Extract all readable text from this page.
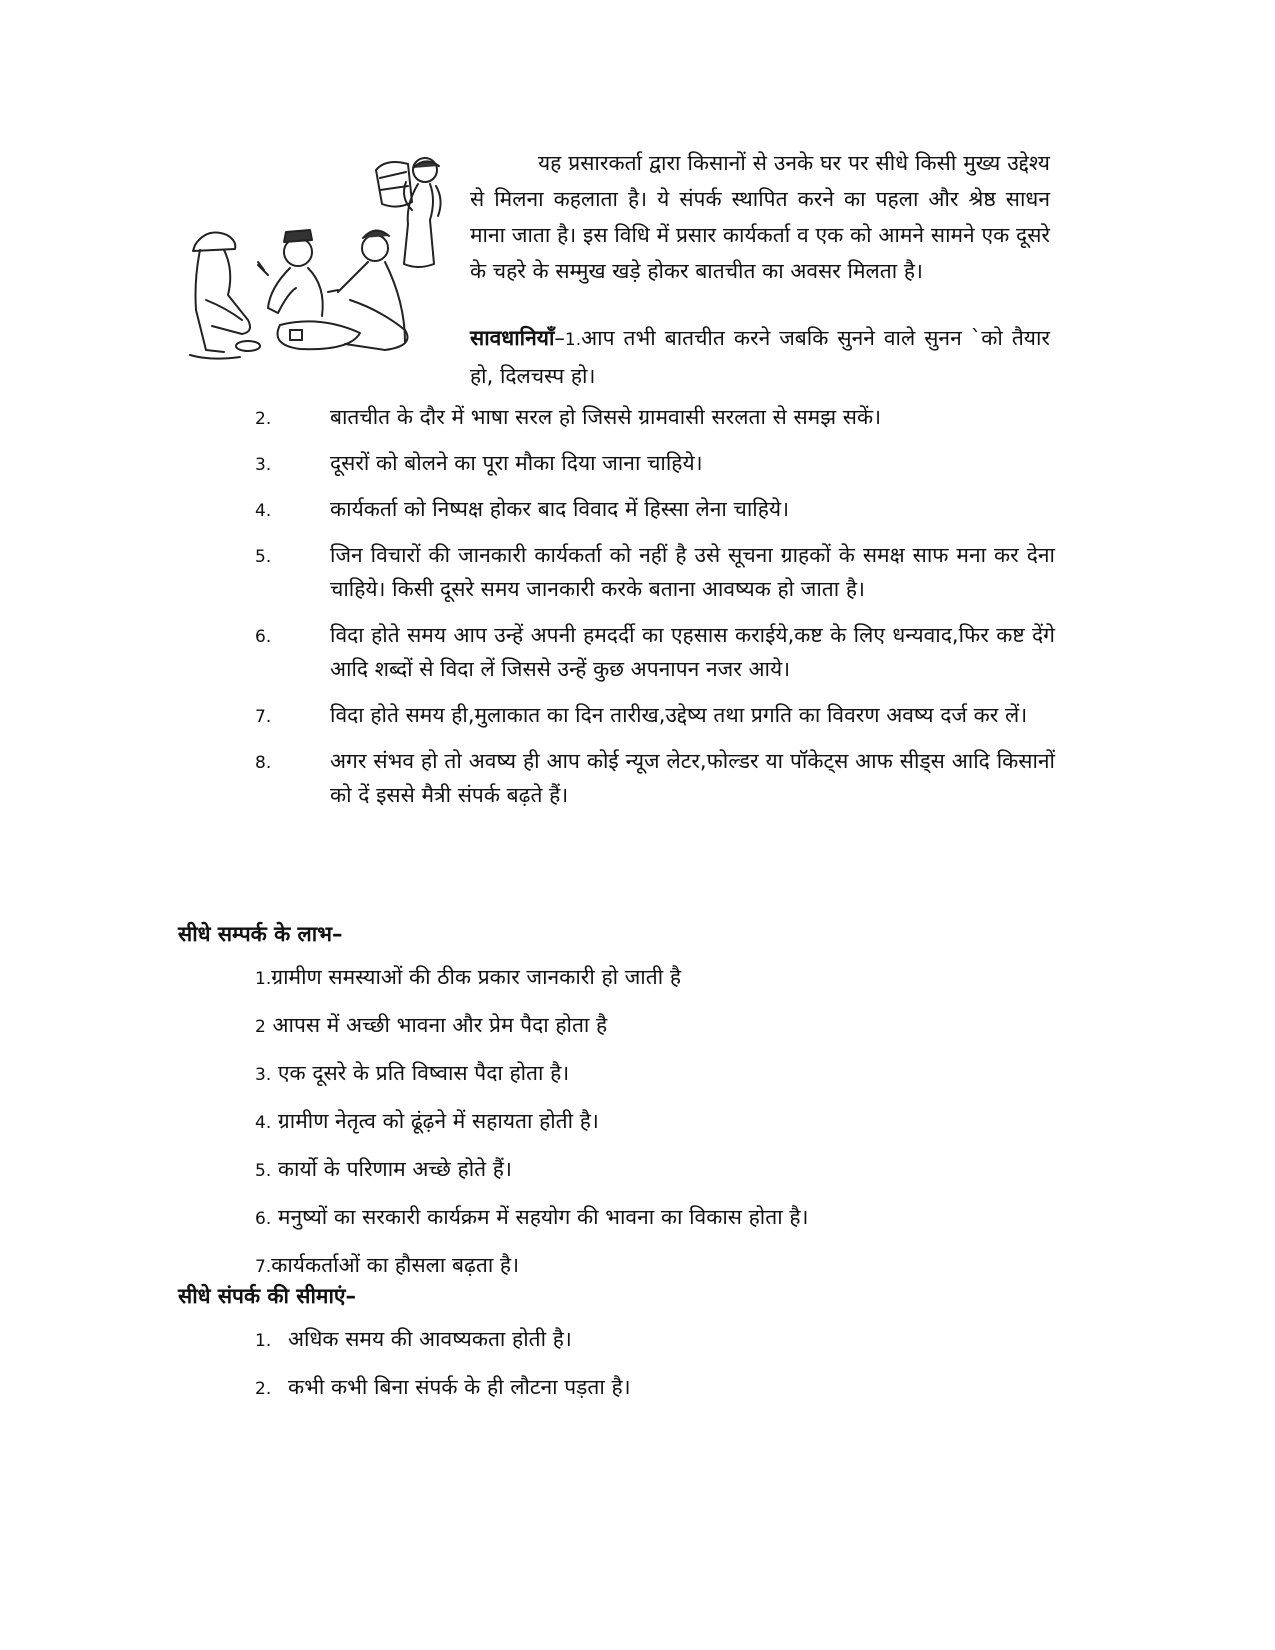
यह प्रसारकर्ता द्वारा किसानों से उनके घर पर सीधे किसी मुख्य उद्देश्य से मिलना कहलाता है। ये संपर्क स्थापित करने का पहला और श्रेष्ठ साधन माना जाता है। इस विधि में प्रसार कार्यकर्ता व एक को आमने सामने एक दूसरे के चहरे के सम्मुख खड़े होकर बातचीत का अवसर मिलता है।
सावधानियाँ–1.आप तभी बातचीत करने जबकि सुनने वाले सुनन `को तैयार हो, दिलचस्प हो।
2.	बातचीत के दौर में भाषा सरल हो जिससे ग्रामवासी सरलता से समझ सकें।
3.	दूसरों को बोलने का पूरा मौका दिया जाना चाहिये।
4.	कार्यकर्ता को निष्पक्ष होकर बाद विवाद में हिस्सा लेना चाहिये।
5.	जिन विचारों की जानकारी कार्यकर्ता को नहीं है उसे सूचना ग्राहकों के समक्ष साफ मना कर देना चाहिये। किसी दूसरे समय जानकारी करके बताना आवष्यक हो जाता है।
6.	विदा होते समय आप उन्हें अपनी हमदर्दी का एहसास कराईये,कष्ट के लिए धन्यवाद,फिर कष्ट देंगे आदि शब्दों से विदा लें जिससे उन्हें कुछ अपनापन नजर आये।
7.	विदा होते समय ही,मुलाकात का दिन तारीख,उद्देष्य तथा प्रगति का विवरण अवष्य दर्ज कर लें।
8.	अगर संभव हो तो अवष्य ही आप कोई न्यूज लेटर,फोल्डर या पॉकेट्स आफ सीड्स आदि किसानों को दें इससे मैत्री संपर्क बढ़ते हैं।
सीधे सम्पर्क के लाभ–
1.ग्रामीण समस्याओं की ठीक प्रकार जानकारी हो जाती है
2 आपस में अच्छी भावना और प्रेम पैदा होता है
3. एक दूसरे के प्रति विष्वास पैदा होता है।
4. ग्रामीण नेतृत्व को ढूंढ़ने में सहायता होती है।
5. कार्यो के परिणाम अच्छे होते हैं।
6. मनुष्यों का सरकारी कार्यक्रम में सहयोग की भावना का विकास होता है।
7.कार्यकर्ताओं का हौसला बढ़ता है।
सीधे संपर्क की सीमाएं–
1. अधिक समय की आवष्यकता होती है।
2. कभी कभी बिना संपर्क के ही लौटना पड़ता है।
